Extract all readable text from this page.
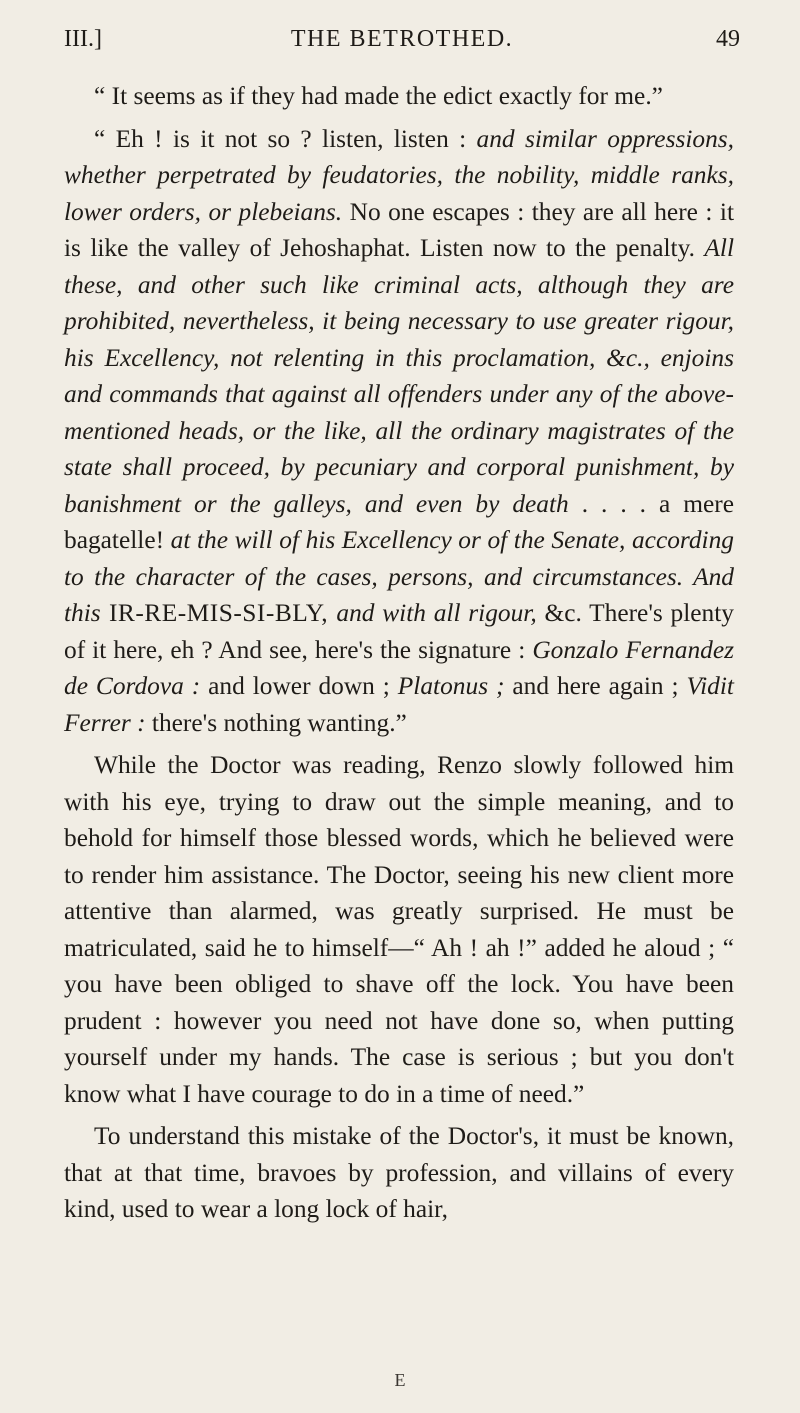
III.]	THE BETROTHED.	49

“ It seems as if they had made the edict exactly for me.”

“ Eh ! is it not so ? listen, listen : and similar oppressions, whether perpetrated by feudatories, the nobility, middle ranks, lower orders, or plebeians. No one escapes : they are all here : it is like the valley of Jehoshaphat. Listen now to the penalty. All these, and other such like criminal acts, although they are prohibited, nevertheless, it being necessary to use greater rigour, his Excellency, not relenting in this proclamation, &c., enjoins and commands that against all offenders under any of the above-mentioned heads, or the like, all the ordinary magistrates of the state shall proceed, by pecuniary and corporal punishment, by banishment or the galleys, and even by death . . . . a mere bagatelle! at the will of his Excellency or of the Senate, according to the character of the cases, persons, and circumstances. And this IR-RE-MIS-SI-BLY, and with all rigour, &c. There's plenty of it here, eh ? And see, here's the signature : Gonzalo Fernandez de Cordova : and lower down ; Platonus ; and here again ; Vidit Ferrer : there's nothing wanting.”

While the Doctor was reading, Renzo slowly followed him with his eye, trying to draw out the simple meaning, and to behold for himself those blessed words, which he believed were to render him assistance. The Doctor, seeing his new client more attentive than alarmed, was greatly surprised. He must be matriculated, said he to himself—“ Ah ! ah !” added he aloud ; “ you have been obliged to shave off the lock. You have been prudent : however you need not have done so, when putting yourself under my hands. The case is serious ; but you don't know what I have courage to do in a time of need.”

To understand this mistake of the Doctor's, it must be known, that at that time, bravoes by profession, and villains of every kind, used to wear a long lock of hair,

E
